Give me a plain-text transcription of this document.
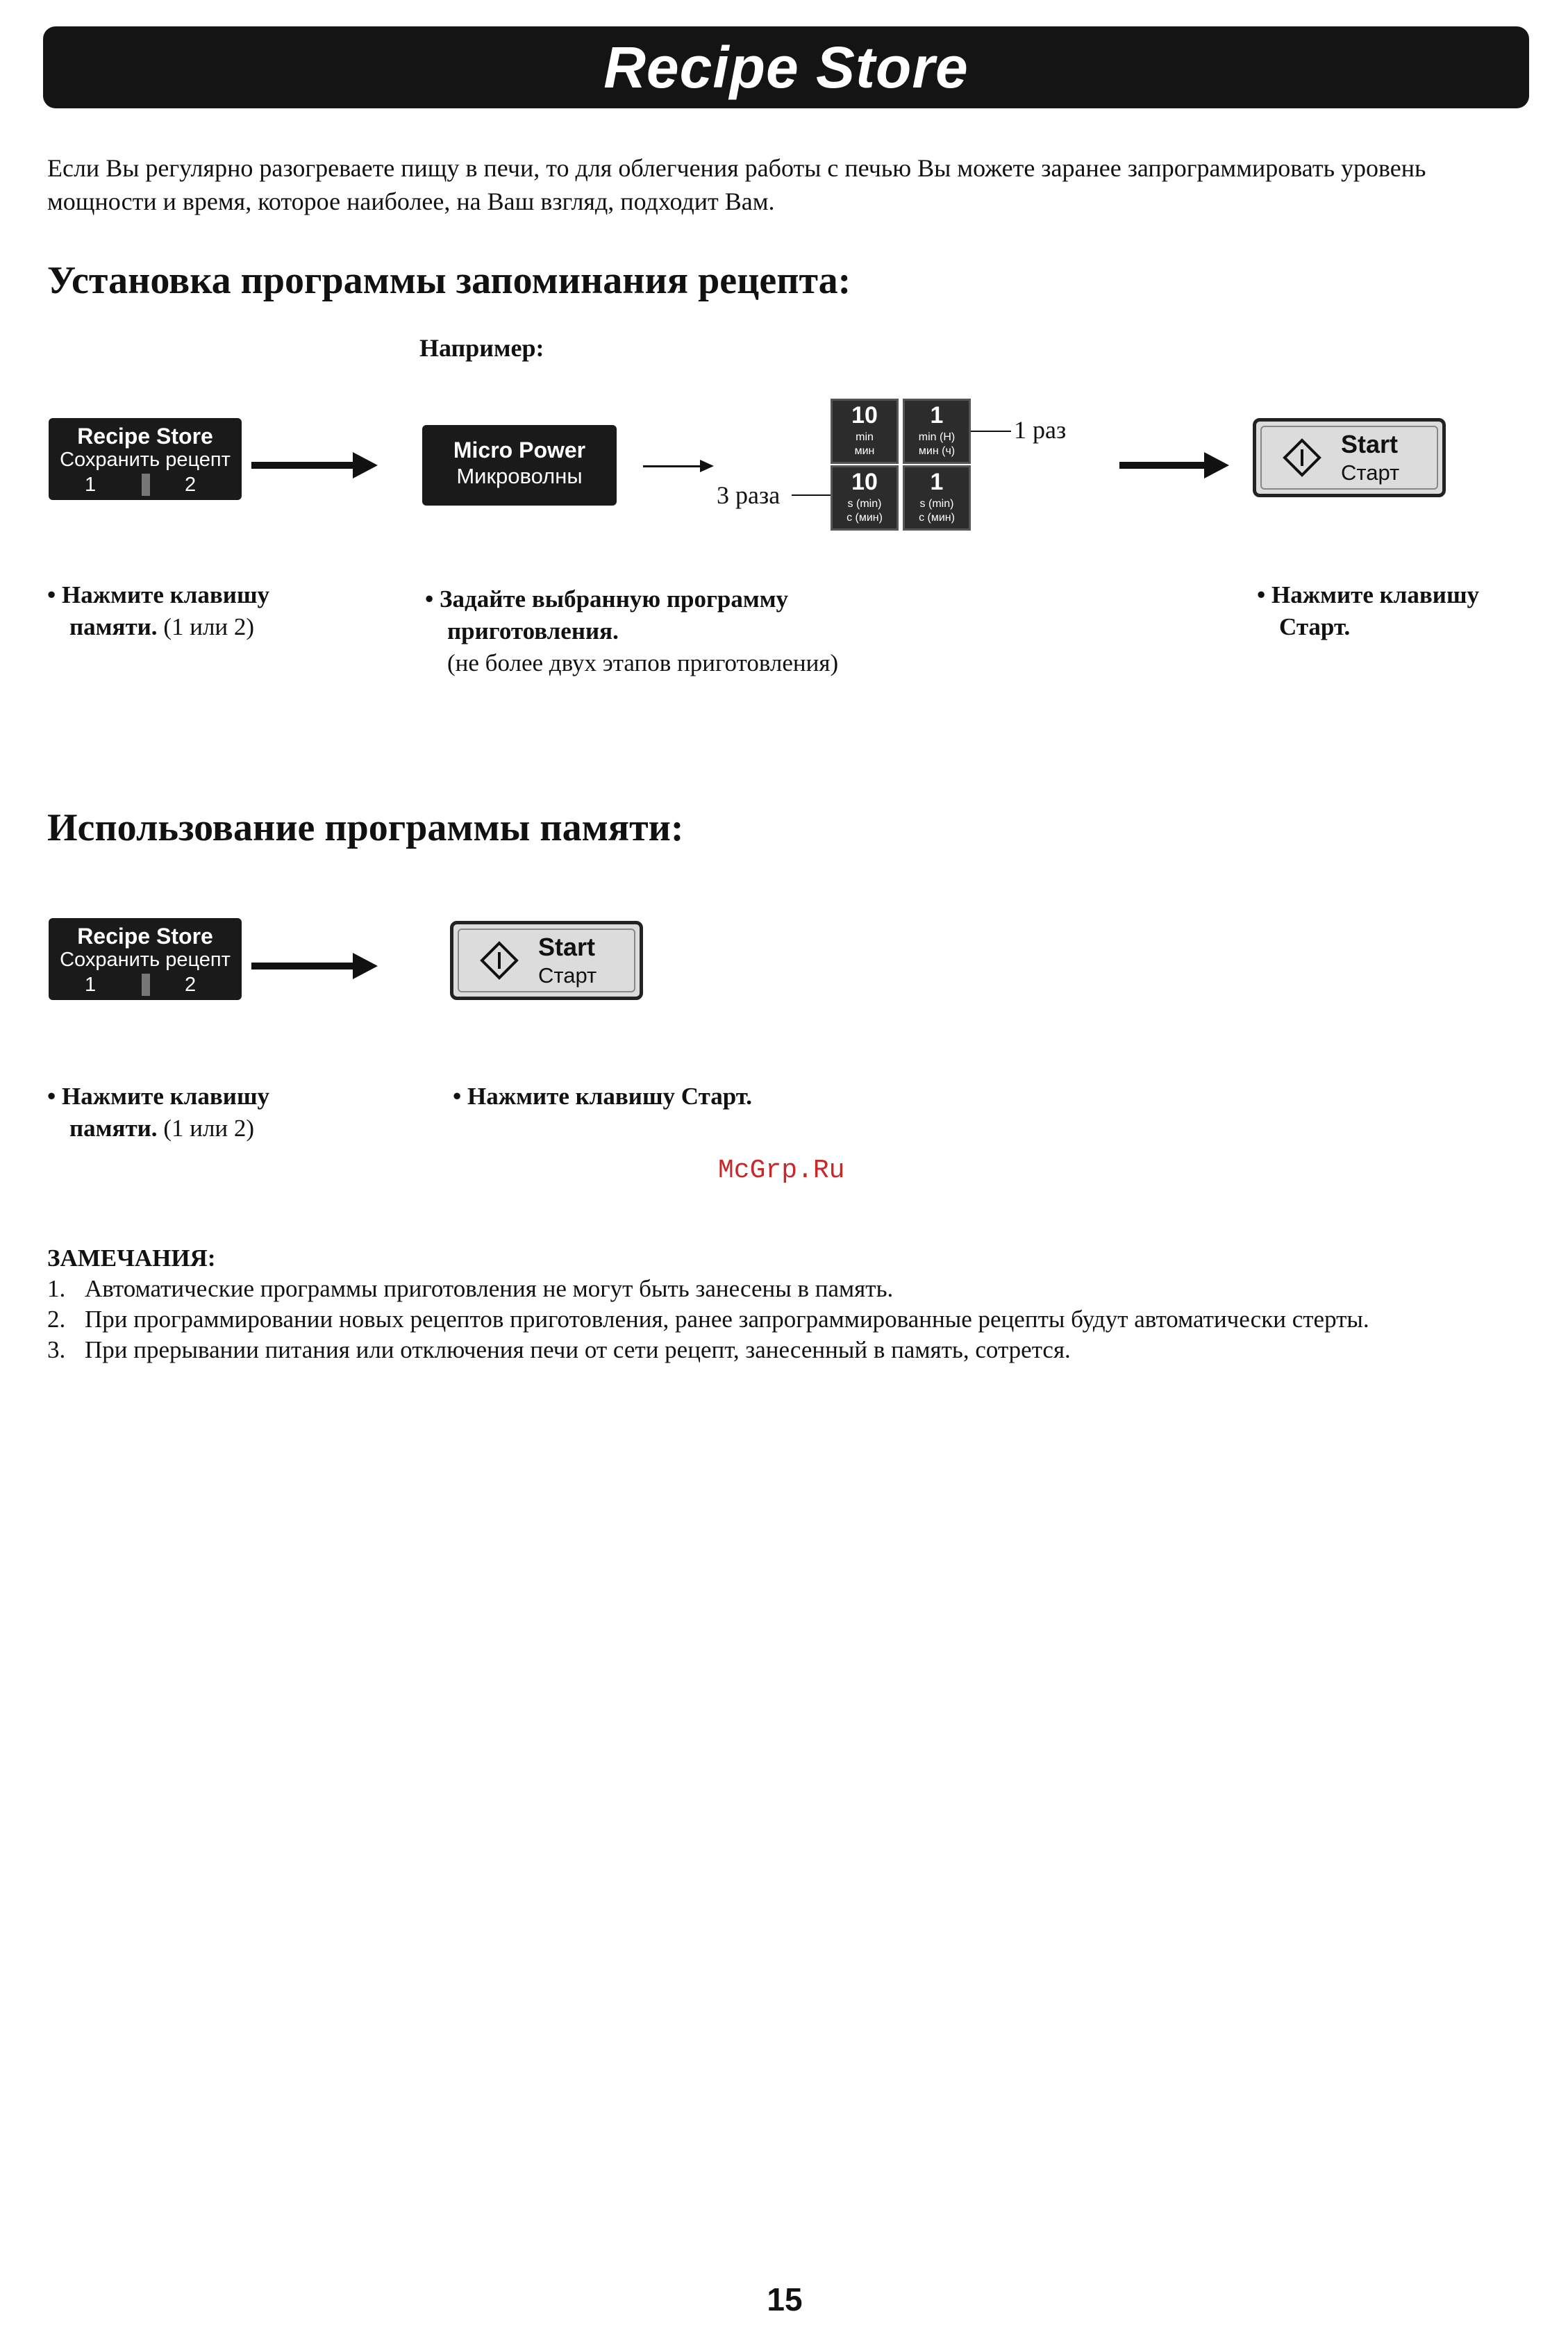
Recipe Store
Если Вы регулярно разогреваете пищу в печи, то для облегчения работы с печью Вы можете заранее запрограммировать уровень мощности и время, которое наиболее, на Ваш взгляд, подходит Вам.
Установка программы запоминания рецепта:
Например:
Recipe Store
Сохранить рецепт
1	2
Micro Power
Микроволны
10
min
мин
1
min (H)
мин (ч)
10
s (min)
с (мин)
1
s (min)
с (мин)
1 раз
3 раза
Start
Старт
• Нажмите клавишу
памяти. (1 или 2)
• Задайте выбранную программу
приготовления.
(не более двух этапов приготовления)
• Нажмите клавишу
Старт.
Использование программы памяти:
Recipe Store
Сохранить рецепт
1	2
Start
Старт
• Нажмите клавишу
памяти. (1 или 2)
• Нажмите клавишу Старт.
McGrp.Ru
ЗАМЕЧАНИЯ:
1. Автоматические программы приготовления не могут быть занесены в память.
2. При программировании новых рецептов приготовления, ранее запрограммированные рецепты будут автоматически стерты.
3. При прерывании питания или отключения печи от сети рецепт, занесенный в память, сотрется.
15
